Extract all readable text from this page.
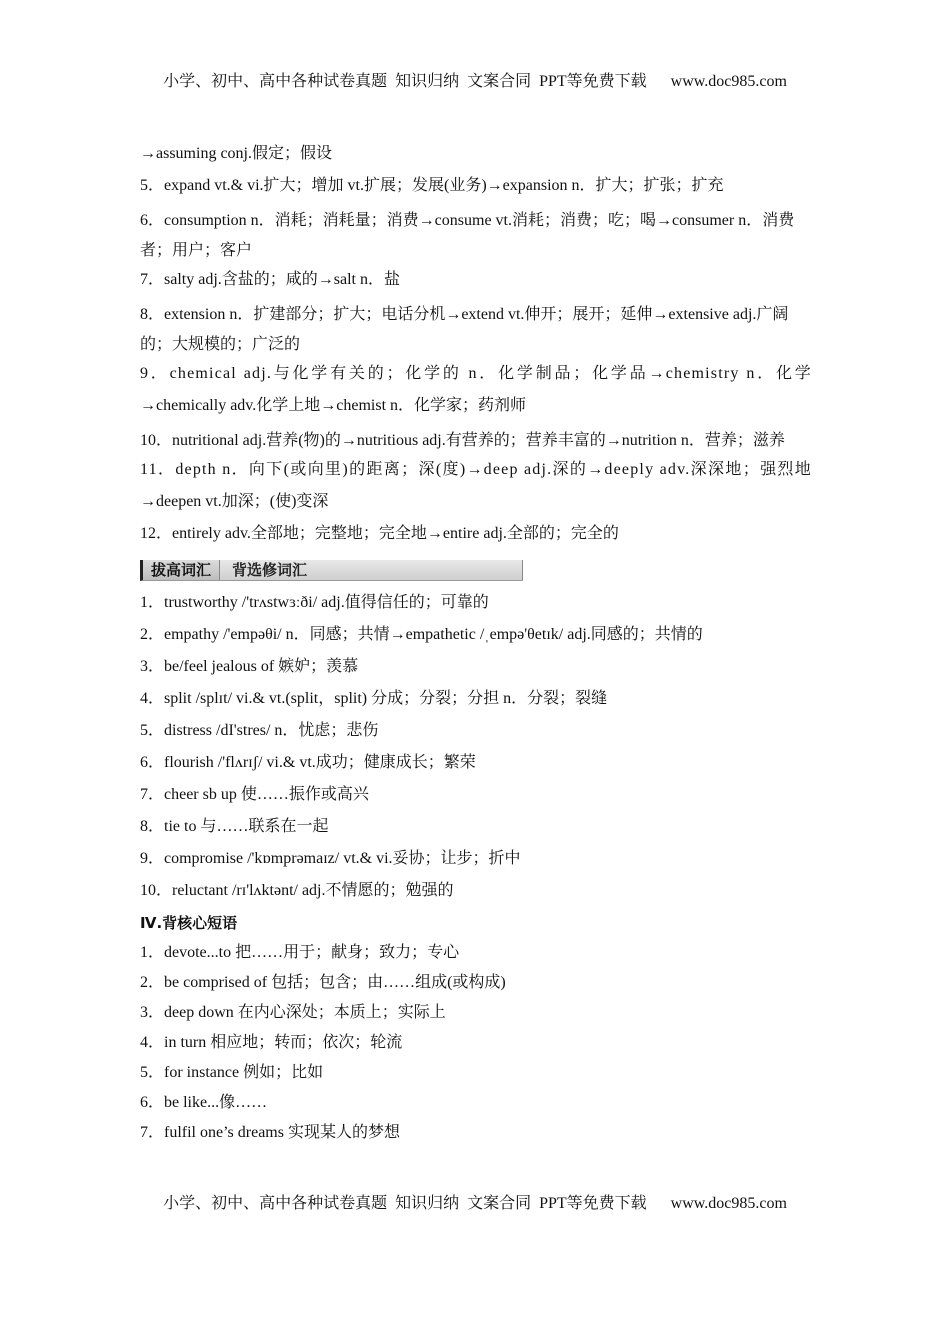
小学、初中、高中各种试卷真题  知识归纳  文案合同  PPT等免费下载      www.doc985.com
→assuming conj.假定；假设
5．expand vt.& vi.扩大；增加 vt.扩展；发展(业务)→expansion n．扩大；扩张；扩充
6．consumption n．消耗；消耗量；消费→consume vt.消耗；消费；吃；喝→consumer n．消费者；用户；客户
7．salty adj.含盐的；咸的→salt n．盐
8．extension n．扩建部分；扩大；电话分机→extend vt.伸开；展开；延伸→extensive adj.广阔的；大规模的；广泛的
9．chemical adj.与化学有关的；化学的 n．化学制品；化学品→chemistry n．化学
→chemically adv.化学上地→chemist n．化学家；药剂师
10．nutritional adj.营养(物)的→nutritious adj.有营养的；营养丰富的→nutrition n．营养；滋养
11．depth n．向下(或向里)的距离；深(度)→deep adj.深的→deeply adv.深深地；强烈地
→deepen vt.加深；(使)变深
12．entirely adv.全部地；完整地；完全地→entire adj.全部的；完全的
拔高词汇 背选修词汇
1．trustworthy /'trʌstwɜːði/ adj.值得信任的；可靠的
2．empathy /'empəθi/ n．同感；共情→empathetic /ˌempə'θetɪk/ adj.同感的；共情的
3．be/feel jealous of 嫉妒；羡慕
4．split /splɪt/ vi.& vt.(split，split) 分成；分裂；分担 n．分裂；裂缝
5．distress /dI'stres/ n．忧虑；悲伤
6．flourish /'flʌrɪʃ/ vi.& vt.成功；健康成长；繁荣
7．cheer sb up 使……振作或高兴
8．tie to 与……联系在一起
9．compromise /'kɒmprəmaɪz/ vt.& vi.妥协；让步；折中
10．reluctant /rɪ'lʌktənt/ adj.不情愿的；勉强的
Ⅳ.背核心短语
1．devote...to 把……用于；献身；致力；专心
2．be comprised of 包括；包含；由……组成(或构成)
3．deep down 在内心深处；本质上；实际上
4．in turn 相应地；转而；依次；轮流
5．for instance 例如；比如
6．be like...像……
7．fulfil one’s dreams 实现某人的梦想
小学、初中、高中各种试卷真题  知识归纳  文案合同  PPT等免费下载      www.doc985.com
